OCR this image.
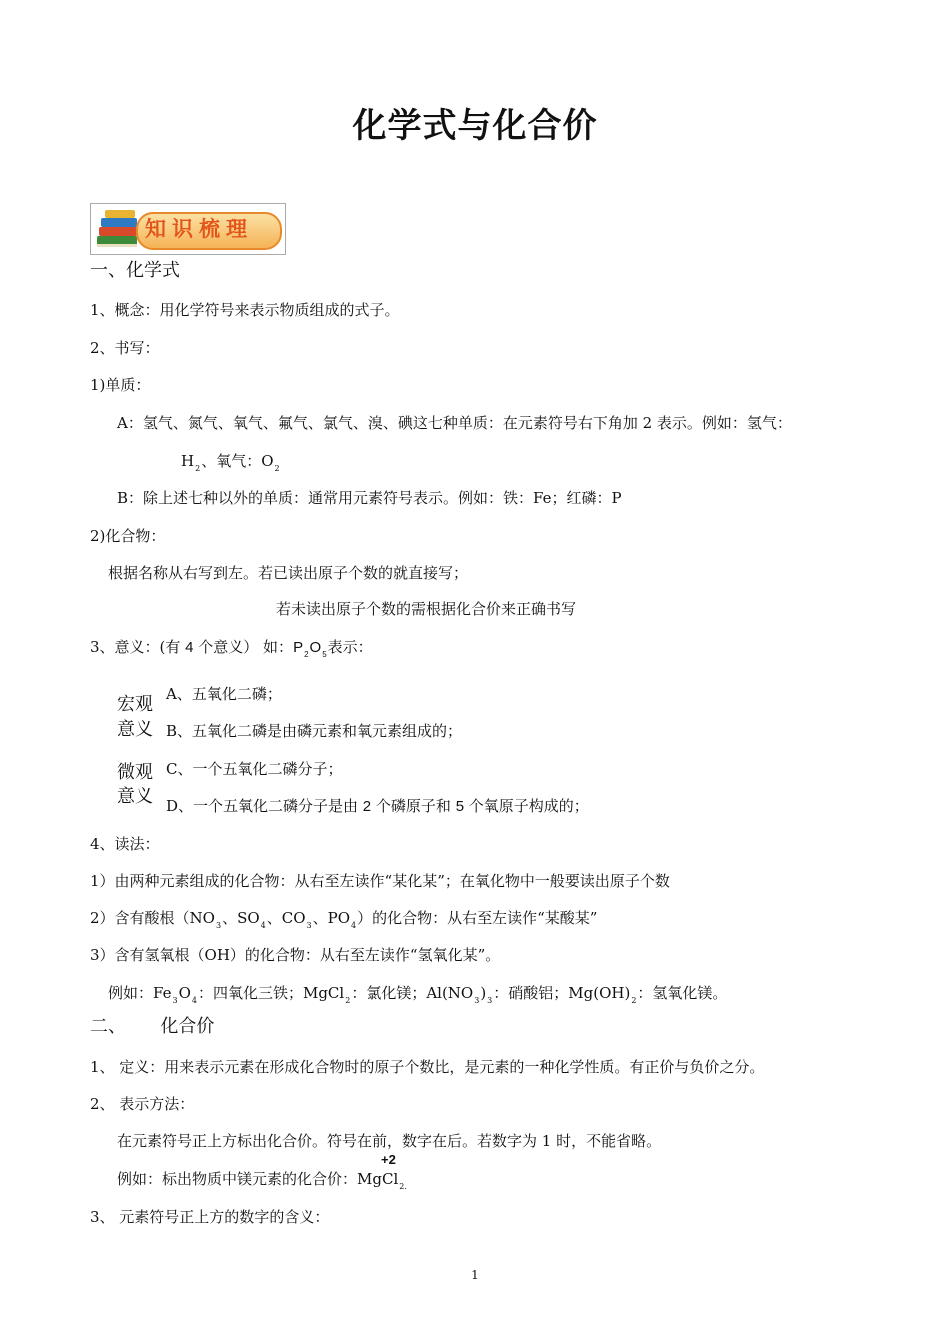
化学式与化合价
知识梳理
一、化学式
1、概念：用化学符号来表示物质组成的式子。
2、书写：
1)单质：
A：氢气、氮气、氧气、氟气、氯气、溴、碘这七种单质：在元素符号右下角加 2 表示。例如：氢气：
$H_2$、氧气：$O_2$
B：除上述七种以外的单质：通常用元素符号表示。例如：铁：Fe；红磷：P
2)化合物：
根据名称从右写到左。若已读出原子个数的就直接写；
若未读出原子个数的需根据化合价来正确书写
3、意义：(有 4 个意义） 如：$P_2O_5$表示：
宏观
意义
微观
意义
A、五氧化二磷；
B、五氧化二磷是由磷元素和氧元素组成的；
C、一个五氧化二磷分子；
D、一个五氧化二磷分子是由 2 个磷原子和 5 个氧原子构成的；
4、读法：
1）由两种元素组成的化合物：从右至左读作“某化某”；在氧化物中一般要读出原子个数
2）含有酸根（$NO_3$、$SO_4$、$CO_3$、$PO_4$）的化合物：从右至左读作“某酸某”
3）含有氢氧根（OH）的化合物：从右至左读作“氢氧化某”。
例如：$Fe_3O_4$：四氧化三铁；MgCl$_2$：氯化镁；$Al(NO_3)_3$：硝酸铝；$Mg(OH)_2$：氢氧化镁。
二、      化合价
1、 定义：用来表示元素在形成化合物时的原子个数比，是元素的一种化学性质。有正价与负价之分。
2、 表示方法：
在元素符号正上方标出化合价。符号在前，数字在后。若数字为 1 时，不能省略。
+2
例如：标出物质中镁元素的化合价：MgCl$_{2.}$
3、 元素符号正上方的数字的含义：
1
